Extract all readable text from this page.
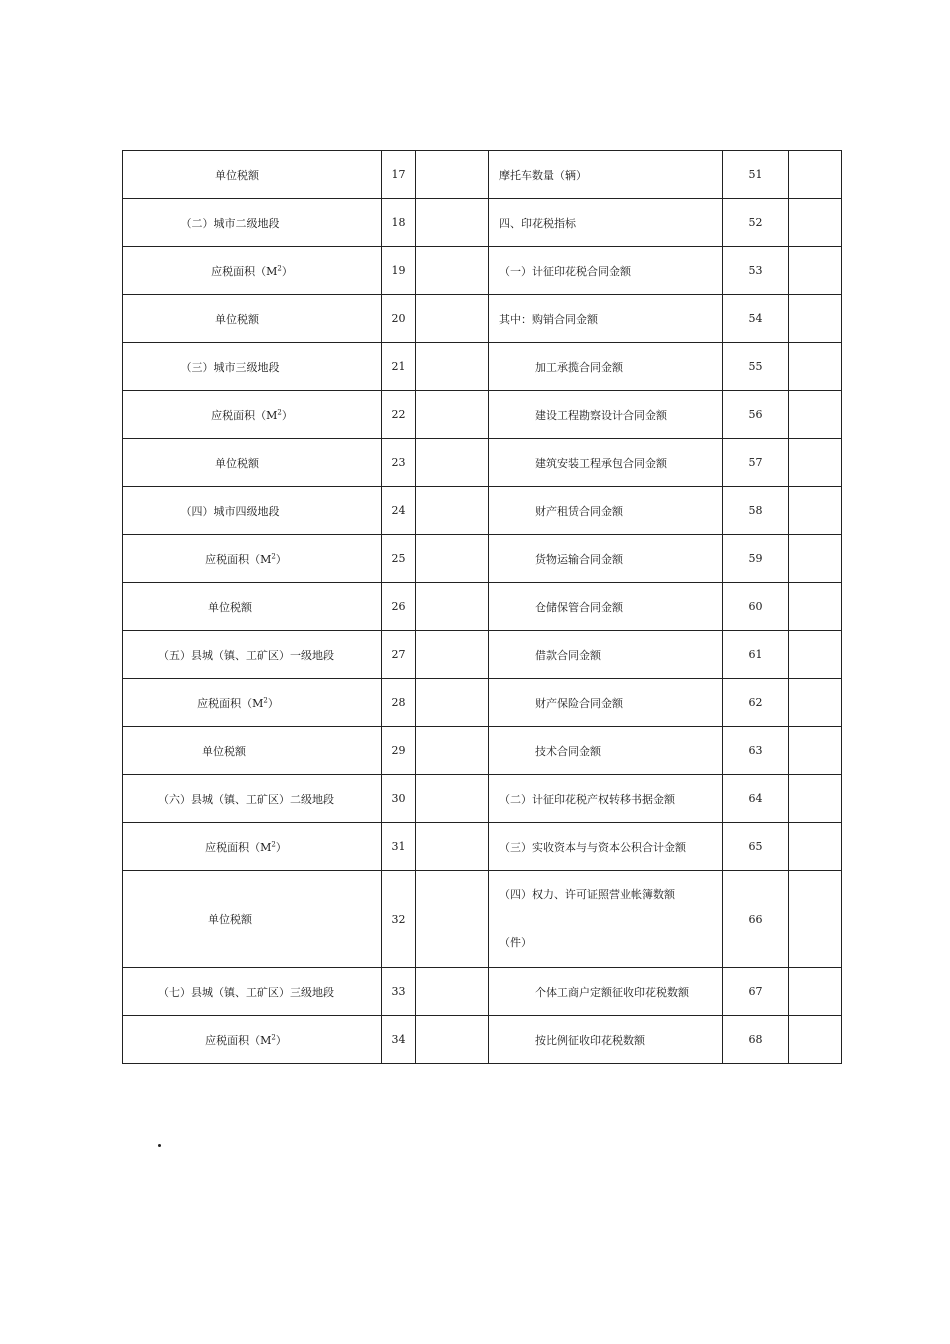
单位税额	17		摩托车数量（辆）	51	
（二）城市二级地段	18		四、印花税指标	52	
应税面积$(M^2)$	19		（一）计征印花税合同金额	53	
单位税额	20		其中：购销合同金额	54	
（三）城市三级地段	21		加工承揽合同金额	55	
应税面积$(M^2)$	22		建设工程勘察设计合同金额	56	
单位税额	23		建筑安装工程承包合同金额	57	
（四）城市四级地段	24		财产租赁合同金额	58	
应税面积$(M^2)$	25		货物运输合同金额	59	
单位税额	26		仓储保管合同金额	60	
（五）县城（镇、工矿区）一级地段	27		借款合同金额	61	
应税面积$(M^2)$	28		财产保险合同金额	62	
单位税额	29		技术合同金额	63	
（六）县城（镇、工矿区）二级地段	30		（二）计征印花税产权转移书据金额	64	
应税面积$(M^2)$	31		（三）实收资本与与资本公积合计金额	65	
单位税额	32		（四）权力、许可证照营业帐簿数额（件）	66	
（七）县城（镇、工矿区）三级地段	33		个体工商户定额征收印花税数额	67	
应税面积$(M^2)$	34		按比例征收印花税数额	68	
